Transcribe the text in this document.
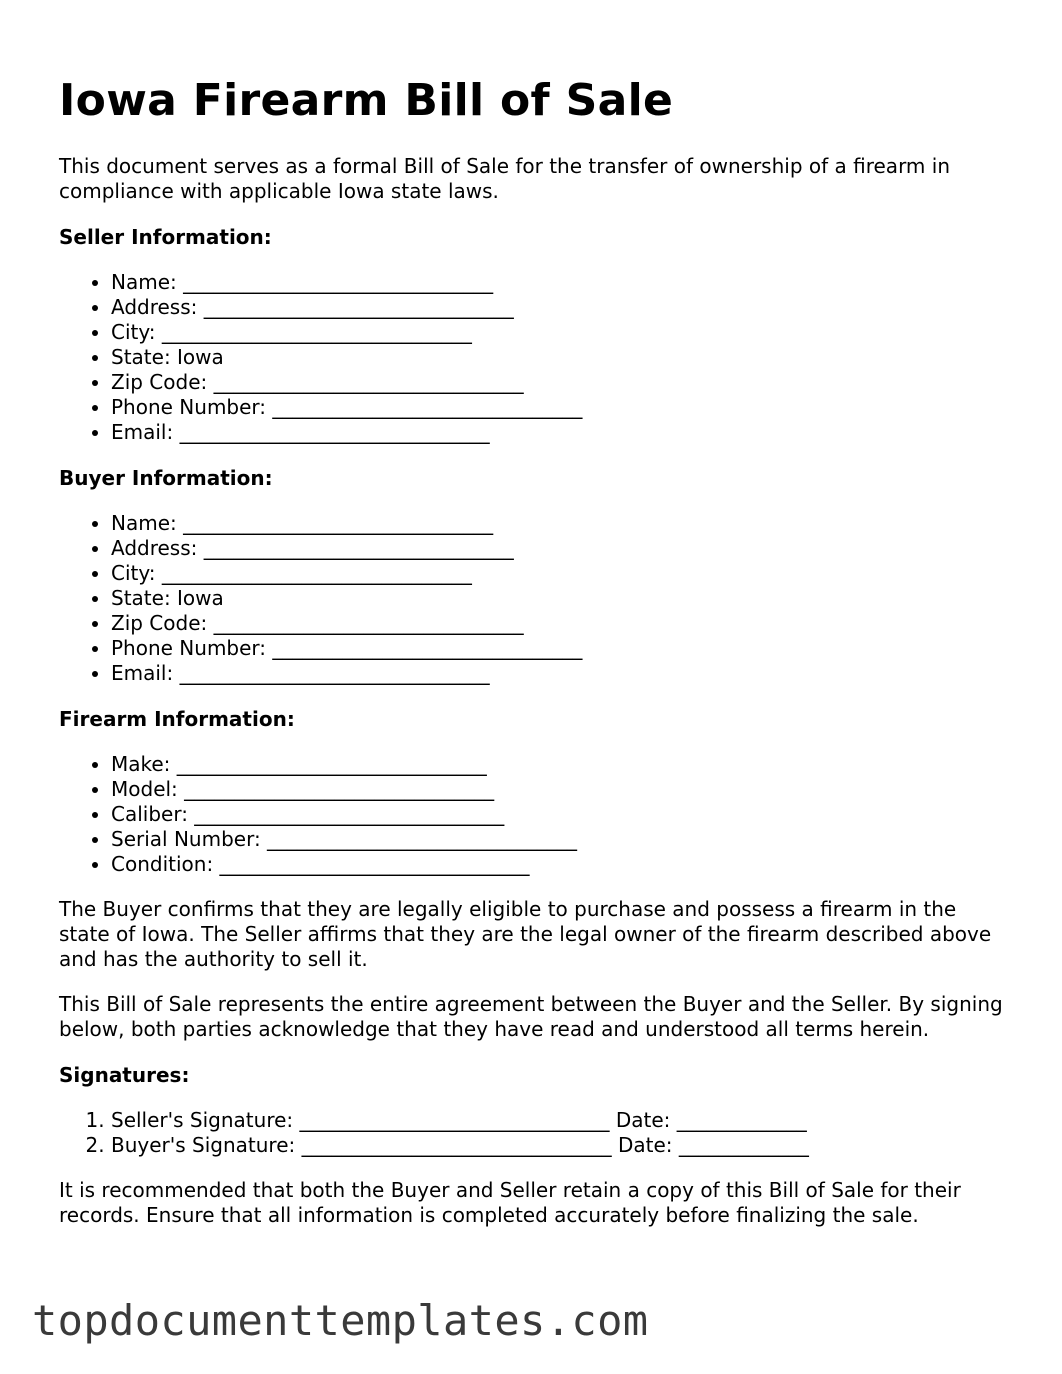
Iowa Firearm Bill of Sale

This document serves as a formal Bill of Sale for the transfer of ownership of a firearm in compliance with applicable Iowa state laws.

Seller Information:
• Name: _______________________________
• Address: _______________________________
• City: _______________________________
• State: Iowa
• Zip Code: _______________________________
• Phone Number: _______________________________
• Email: _______________________________
Buyer Information:
• Name: _______________________________
• Address: _______________________________
• City: _______________________________
• State: Iowa
• Zip Code: _______________________________
• Phone Number: _______________________________
• Email: _______________________________
Firearm Information:
• Make: _______________________________
• Model: _______________________________
• Caliber: _______________________________
• Serial Number: _______________________________
• Condition: _______________________________

The Buyer confirms that they are legally eligible to purchase and possess a firearm in the state of Iowa. The Seller affirms that they are the legal owner of the firearm described above and has the authority to sell it.

This Bill of Sale represents the entire agreement between the Buyer and the Seller. By signing below, both parties acknowledge that they have read and understood all terms herein.

Signatures:
1. Seller's Signature: _______________________________ Date: _____________
2. Buyer's Signature: _______________________________ Date: _____________

It is recommended that both the Buyer and Seller retain a copy of this Bill of Sale for their records. Ensure that all information is completed accurately before finalizing the sale.

topdocumenttemplates.com
